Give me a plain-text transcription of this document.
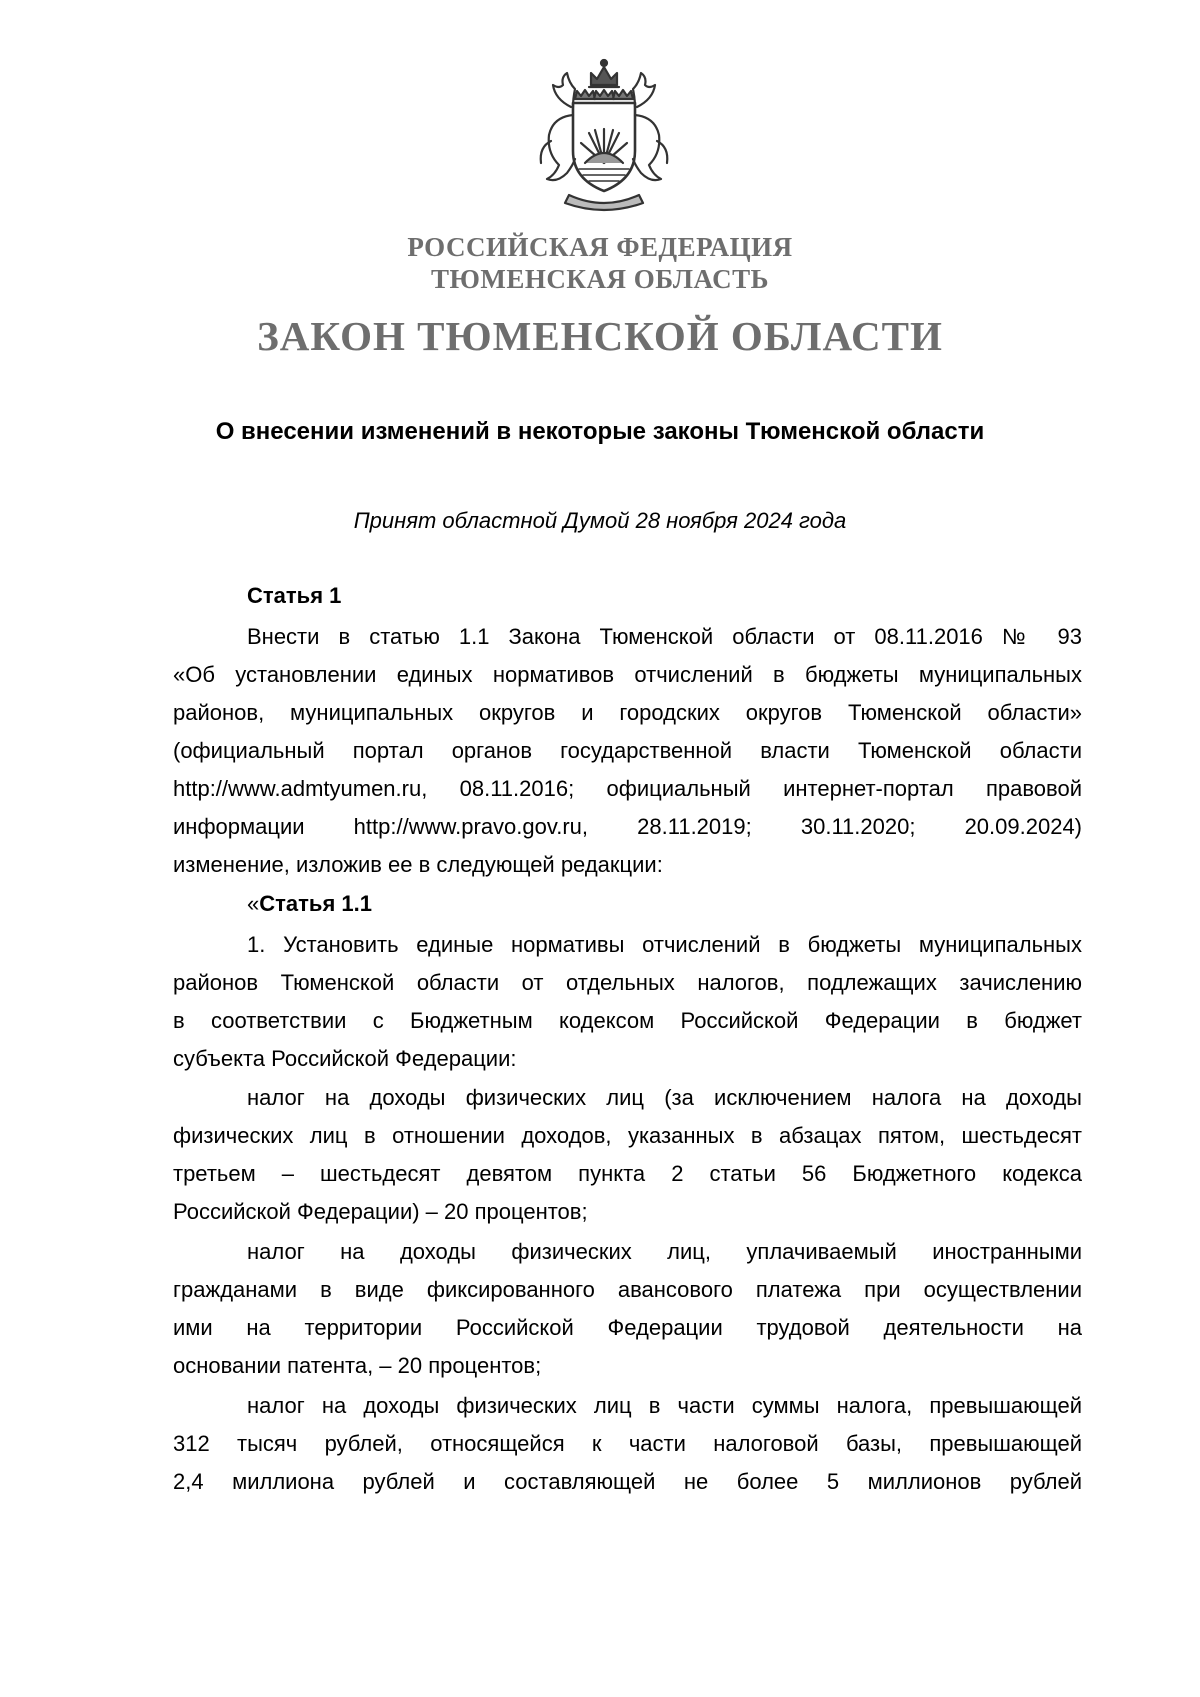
РОССИЙСКАЯ ФЕДЕРАЦИЯ
ТЮМЕНСКАЯ ОБЛАСТЬ
ЗАКОН ТЮМЕНСКОЙ ОБЛАСТИ
О внесении изменений в некоторые законы Тюменской области
Принят областной Думой 28 ноября 2024 года
Статья 1
Внести в статью 1.1 Закона Тюменской области от 08.11.2016 № 93
«Об установлении единых нормативов отчислений в бюджеты муниципальных
районов, муниципальных округов и городских округов Тюменской области»
(официальный портал органов государственной власти Тюменской области
http://www.admtyumen.ru, 08.11.2016; официальный интернет-портал правовой
информации http://www.pravo.gov.ru, 28.11.2019; 30.11.2020; 20.09.2024)
изменение, изложив ее в следующей редакции:
«Статья 1.1
1. Установить единые нормативы отчислений в бюджеты муниципальных
районов Тюменской области от отдельных налогов, подлежащих зачислению
в соответствии с Бюджетным кодексом Российской Федерации в бюджет
субъекта Российской Федерации:
налог на доходы физических лиц (за исключением налога на доходы
физических лиц в отношении доходов, указанных в абзацах пятом, шестьдесят
третьем – шестьдесят девятом пункта 2 статьи 56 Бюджетного кодекса
Российской Федерации) – 20 процентов;
налог на доходы физических лиц, уплачиваемый иностранными
гражданами в виде фиксированного авансового платежа при осуществлении
ими на территории Российской Федерации трудовой деятельности на
основании патента, – 20 процентов;
налог на доходы физических лиц в части суммы налога, превышающей
312 тысяч рублей, относящейся к части налоговой базы, превышающей
2,4 миллиона рублей и составляющей не более 5 миллионов рублей
